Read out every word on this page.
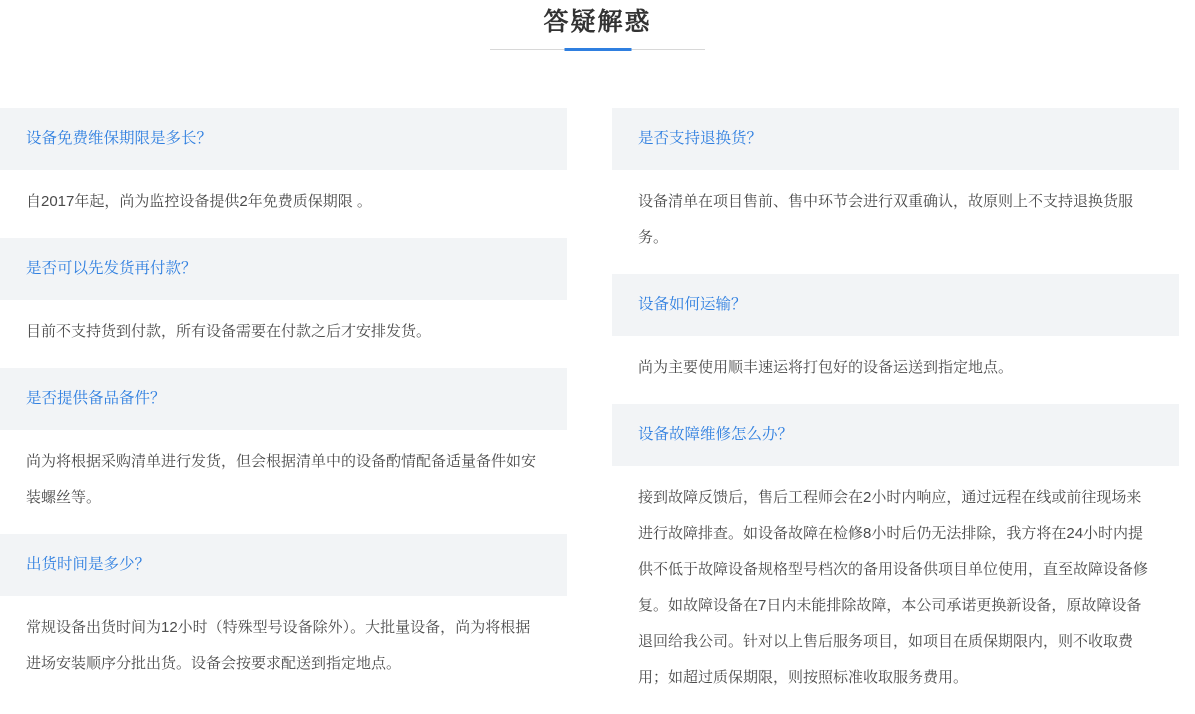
答疑解惑
设备免费维保期限是多长？
自2017年起，尚为监控设备提供2年免费质保期限 。
是否可以先发货再付款？
目前不支持货到付款，所有设备需要在付款之后才安排发货。
是否提供备品备件？
尚为将根据采购清单进行发货，但会根据清单中的设备酌情配备适量备件如安装螺丝等。
出货时间是多少？
常规设备出货时间为12小时（特殊型号设备除外）。大批量设备，尚为将根据进场安装顺序分批出货。设备会按要求配送到指定地点。
是否支持退换货？
设备清单在项目售前、售中环节会进行双重确认，故原则上不支持退换货服务。
设备如何运输？
尚为主要使用顺丰速运将打包好的设备运送到指定地点。
设备故障维修怎么办？
接到故障反馈后，售后工程师会在2小时内响应，通过远程在线或前往现场来进行故障排查。如设备故障在检修8小时后仍无法排除，我方将在24小时内提供不低于故障设备规格型号档次的备用设备供项目单位使用，直至故障设备修复。如故障设备在7日内未能排除故障，本公司承诺更换新设备，原故障设备退回给我公司。针对以上售后服务项目，如项目在质保期限内，则不收取费用；如超过质保期限，则按照标准收取服务费用。
